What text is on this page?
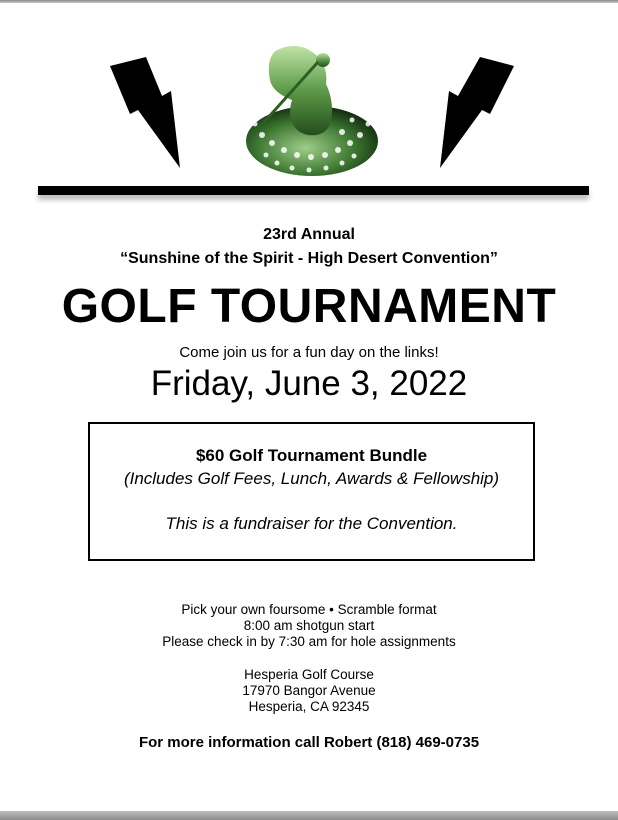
23rd Annual
“Sunshine of the Spirit - High Desert Convention”
GOLF TOURNAMENT
Come join us for a fun day on the links!
Friday, June 3, 2022
$60 Golf Tournament Bundle
(Includes Golf Fees, Lunch, Awards & Fellowship)
This is a fundraiser for the Convention.
Pick your own foursome • Scramble format
8:00 am shotgun start
Please check in by 7:30 am for hole assignments
Hesperia Golf Course
17970 Bangor Avenue
Hesperia, CA 92345
For more information call Robert (818) 469-0735
